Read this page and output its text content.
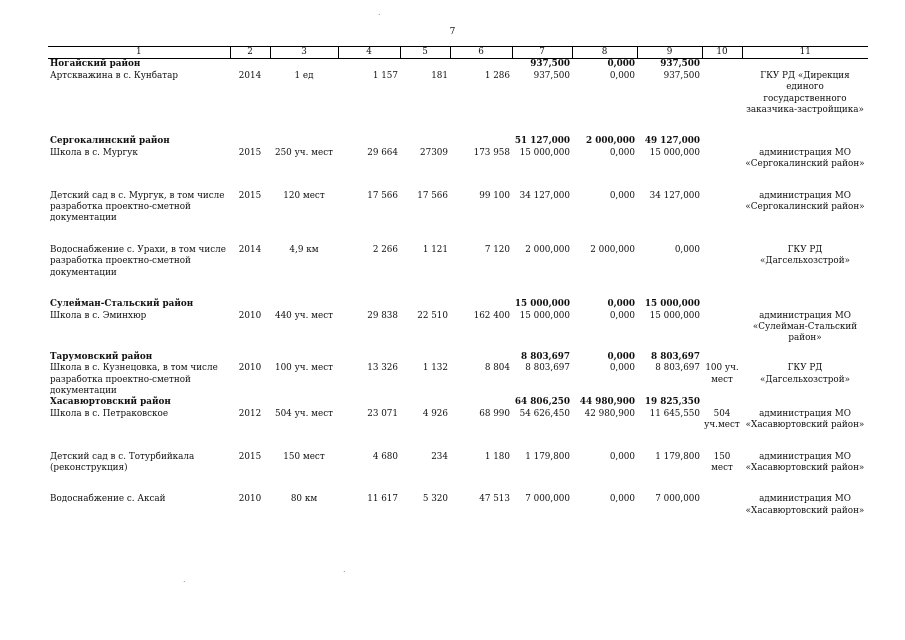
7
1	2	3	4	5	6	7	8	9	10	11
Ногайский район						937,500	0,000	937,500		
Артскважина в с. Кунбатар	2014	1 ед	1 157	181	1 286	937,500	0,000	937,500		ГКУ РД «Дирекция единого государственного заказчика-застройщика»

Сергокалинский район						51 127,000	2 000,000	49 127,000		
Школа в с. Мургук	2015	250 уч. мест	29 664	27309	173 958	15 000,000	0,000	15 000,000		администрация МО «Сергокалинский район»

Детский сад в с. Мургук, в том числе разработка проектно-сметной документации	2015	120 мест	17 566	17 566	99 100	34 127,000	0,000	34 127,000		администрация МО «Сергокалинский район»

Водоснабжение с. Урахи, в том числе разработка проектно-сметной документации	2014	4,9 км	2 266	1 121	7 120	2 000,000	2 000,000	0,000		ГКУ РД «Дагсельхозстрой»

Сулейман-Стальский район						15 000,000	0,000	15 000,000		
Школа в с. Эминхюр	2010	440 уч. мест	29 838	22 510	162 400	15 000,000	0,000	15 000,000		администрация МО «Сулейман-Стальский район»

Тарумовский район						8 803,697	0,000	8 803,697		
Школа в с. Кузнецовка, в том числе разработка проектно-сметной документации	2010	100 уч. мест	13 326	1 132	8 804	8 803,697	0,000	8 803,697	100 уч. мест	ГКУ РД «Дагсельхозстрой»
Хасавюртовский район						64 806,250	44 980,900	19 825,350		
Школа в с. Петраковское	2012	504 уч. мест	23 071	4 926	68 990	54 626,450	42 980,900	11 645,550	504 уч.мест	администрация МО «Хасавюртовский район»

Детский сад в с. Тотурбийкала (реконструкция)	2015	150 мест	4 680	234	1 180	1 179,800	0,000	1 179,800	150 мест	администрация МО «Хасавюртовский район»

Водоснабжение с. Аксай	2010	80 км	11 617	5 320	47 513	7 000,000	0,000	7 000,000		администрация МО «Хасавюртовский район»
.
.
.
